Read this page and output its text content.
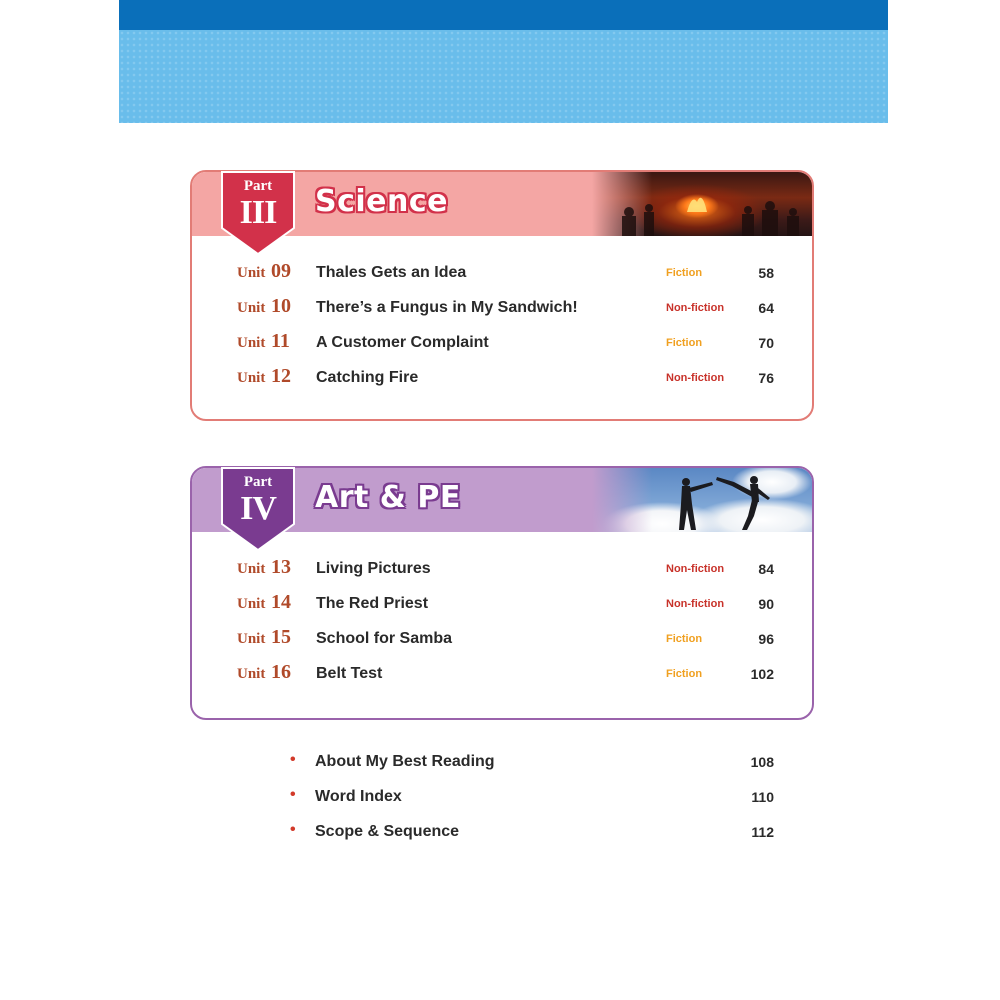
Science
Part
III
Unit 09 Thales Gets an Idea	Fiction	58
Unit 10 There’s a Fungus in My Sandwich!	Non-fiction 64
Unit 11 A Customer Complaint	Fiction	70
Unit 12 Catching Fire	Non-fiction 76
Art & PE
Part
IV
Unit 13 Living Pictures	Non-fiction 84
Unit 14 The Red Priest	Non-fiction 90
Unit 15 School for Samba	Fiction	96
Unit 16 Belt Test	Fiction	102
• About My Best Reading	108
• Word Index	110
• Scope & Sequence	112
